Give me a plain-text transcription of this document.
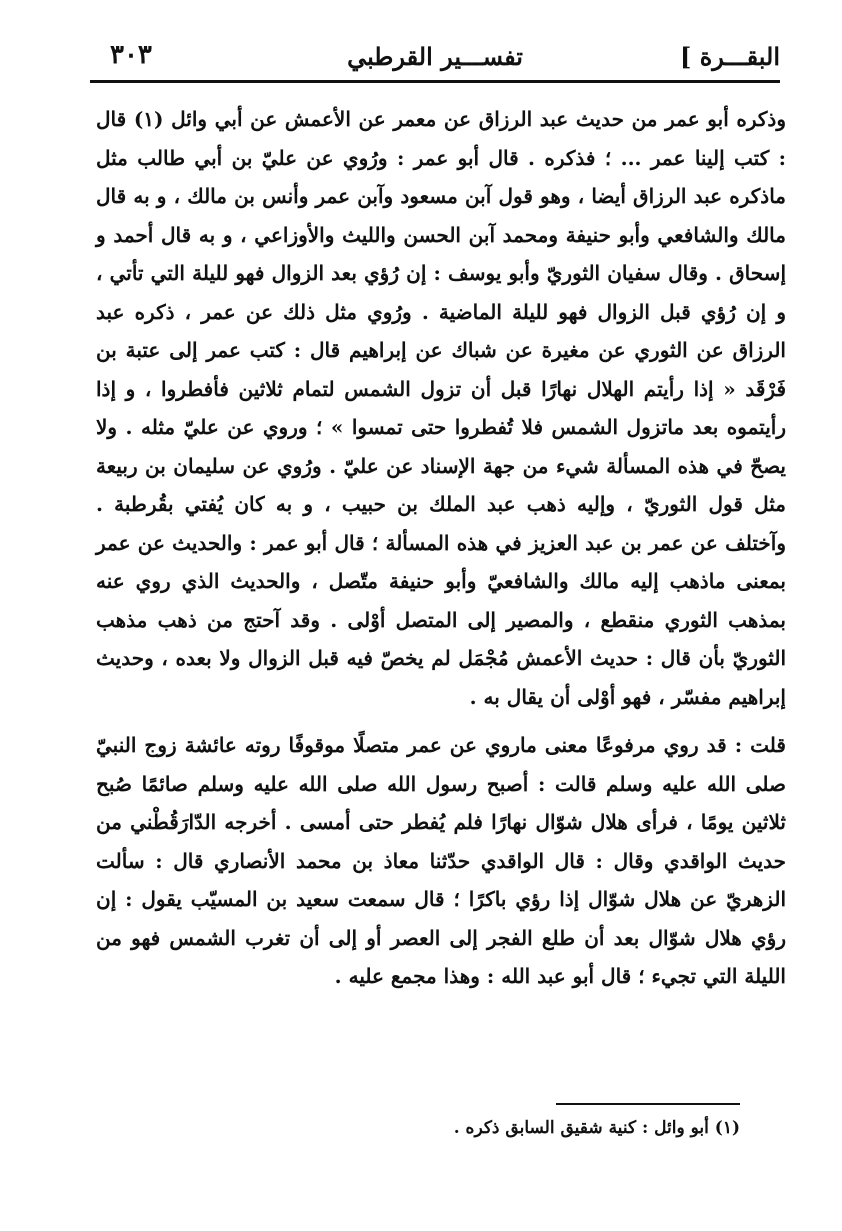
البقـــرة ]
تفســـير القرطبي
٣٠٣

وذكره أبو عمر من حديث عبد الرزاق عن معمر عن الأعمش عن أبي وائل (١) قال : كتب إلينا عمر ... ؛ فذكره . قال أبو عمر : ورُوي عن عليّ بن أبي طالب مثل ماذكره عبد الرزاق أيضا ، وهو قول آبن مسعود وآبن عمر وأنس بن مالك ، و به قال مالك والشافعي وأبو حنيفة ومحمد آبن الحسن والليث والأوزاعي ، و به قال أحمد و إسحاق . وقال سفيان الثوريّ وأبو يوسف : إن رُؤي بعد الزوال فهو لليلة التي تأتي ، و إن رُؤي قبل الزوال فهو لليلة الماضية . ورُوي مثل ذلك عن عمر ، ذكره عبد الرزاق عن الثوري عن مغيرة عن شباك عن إبراهيم قال : كتب عمر إلى عتبة بن فَرْقَد « إذا رأيتم الهلال نهارًا قبل أن تزول الشمس لتمام ثلاثين فأفطروا ، و إذا رأيتموه بعد ماتزول الشمس فلا تُفطروا حتى تمسوا » ؛ وروي عن عليّ مثله . ولا يصحّ في هذه المسألة شيء من جهة الإسناد عن عليّ . ورُوي عن سليمان بن ربيعة مثل قول الثوريّ ، وإليه ذهب عبد الملك بن حبيب ، و به كان يُفتي بقُرطبة . وآختلف عن عمر بن عبد العزيز في هذه المسألة ؛ قال أبو عمر : والحديث عن عمر بمعنى ماذهب إليه مالك والشافعيّ وأبو حنيفة متّصل ، والحديث الذي روي عنه بمذهب الثوري منقطع ، والمصير إلى المتصل أوْلى . وقد آحتج من ذهب مذهب الثوريّ بأن قال : حديث الأعمش مُجْمَل لم يخصّ فيه قبل الزوال ولا بعده ، وحديث إبراهيم مفسّر ، فهو أوْلى أن يقال به .

قلت : قد روي مرفوعًا معنى ماروي عن عمر متصلًا موقوفًا روته عائشة زوج النبيّ صلى الله عليه وسلم قالت : أصبح رسول الله صلى الله عليه وسلم صائمًا صُبح ثلاثين يومًا ، فرأى هلال شوّال نهارًا فلم يُفطر حتى أمسى . أخرجه الدّارَقُطْني من حديث الواقدي وقال : قال الواقدي حدّثنا معاذ بن محمد الأنصاري قال : سألت الزهريّ عن هلال شوّال إذا رؤي باكرًا ؛ قال سمعت سعيد بن المسيّب يقول : إن رؤي هلال شوّال بعد أن طلع الفجر إلى العصر أو إلى أن تغرب الشمس فهو من الليلة التي تجيء ؛ قال أبو عبد الله : وهذا مجمع عليه .

(١) أبو وائل : كنية شقيق السابق ذكره .
